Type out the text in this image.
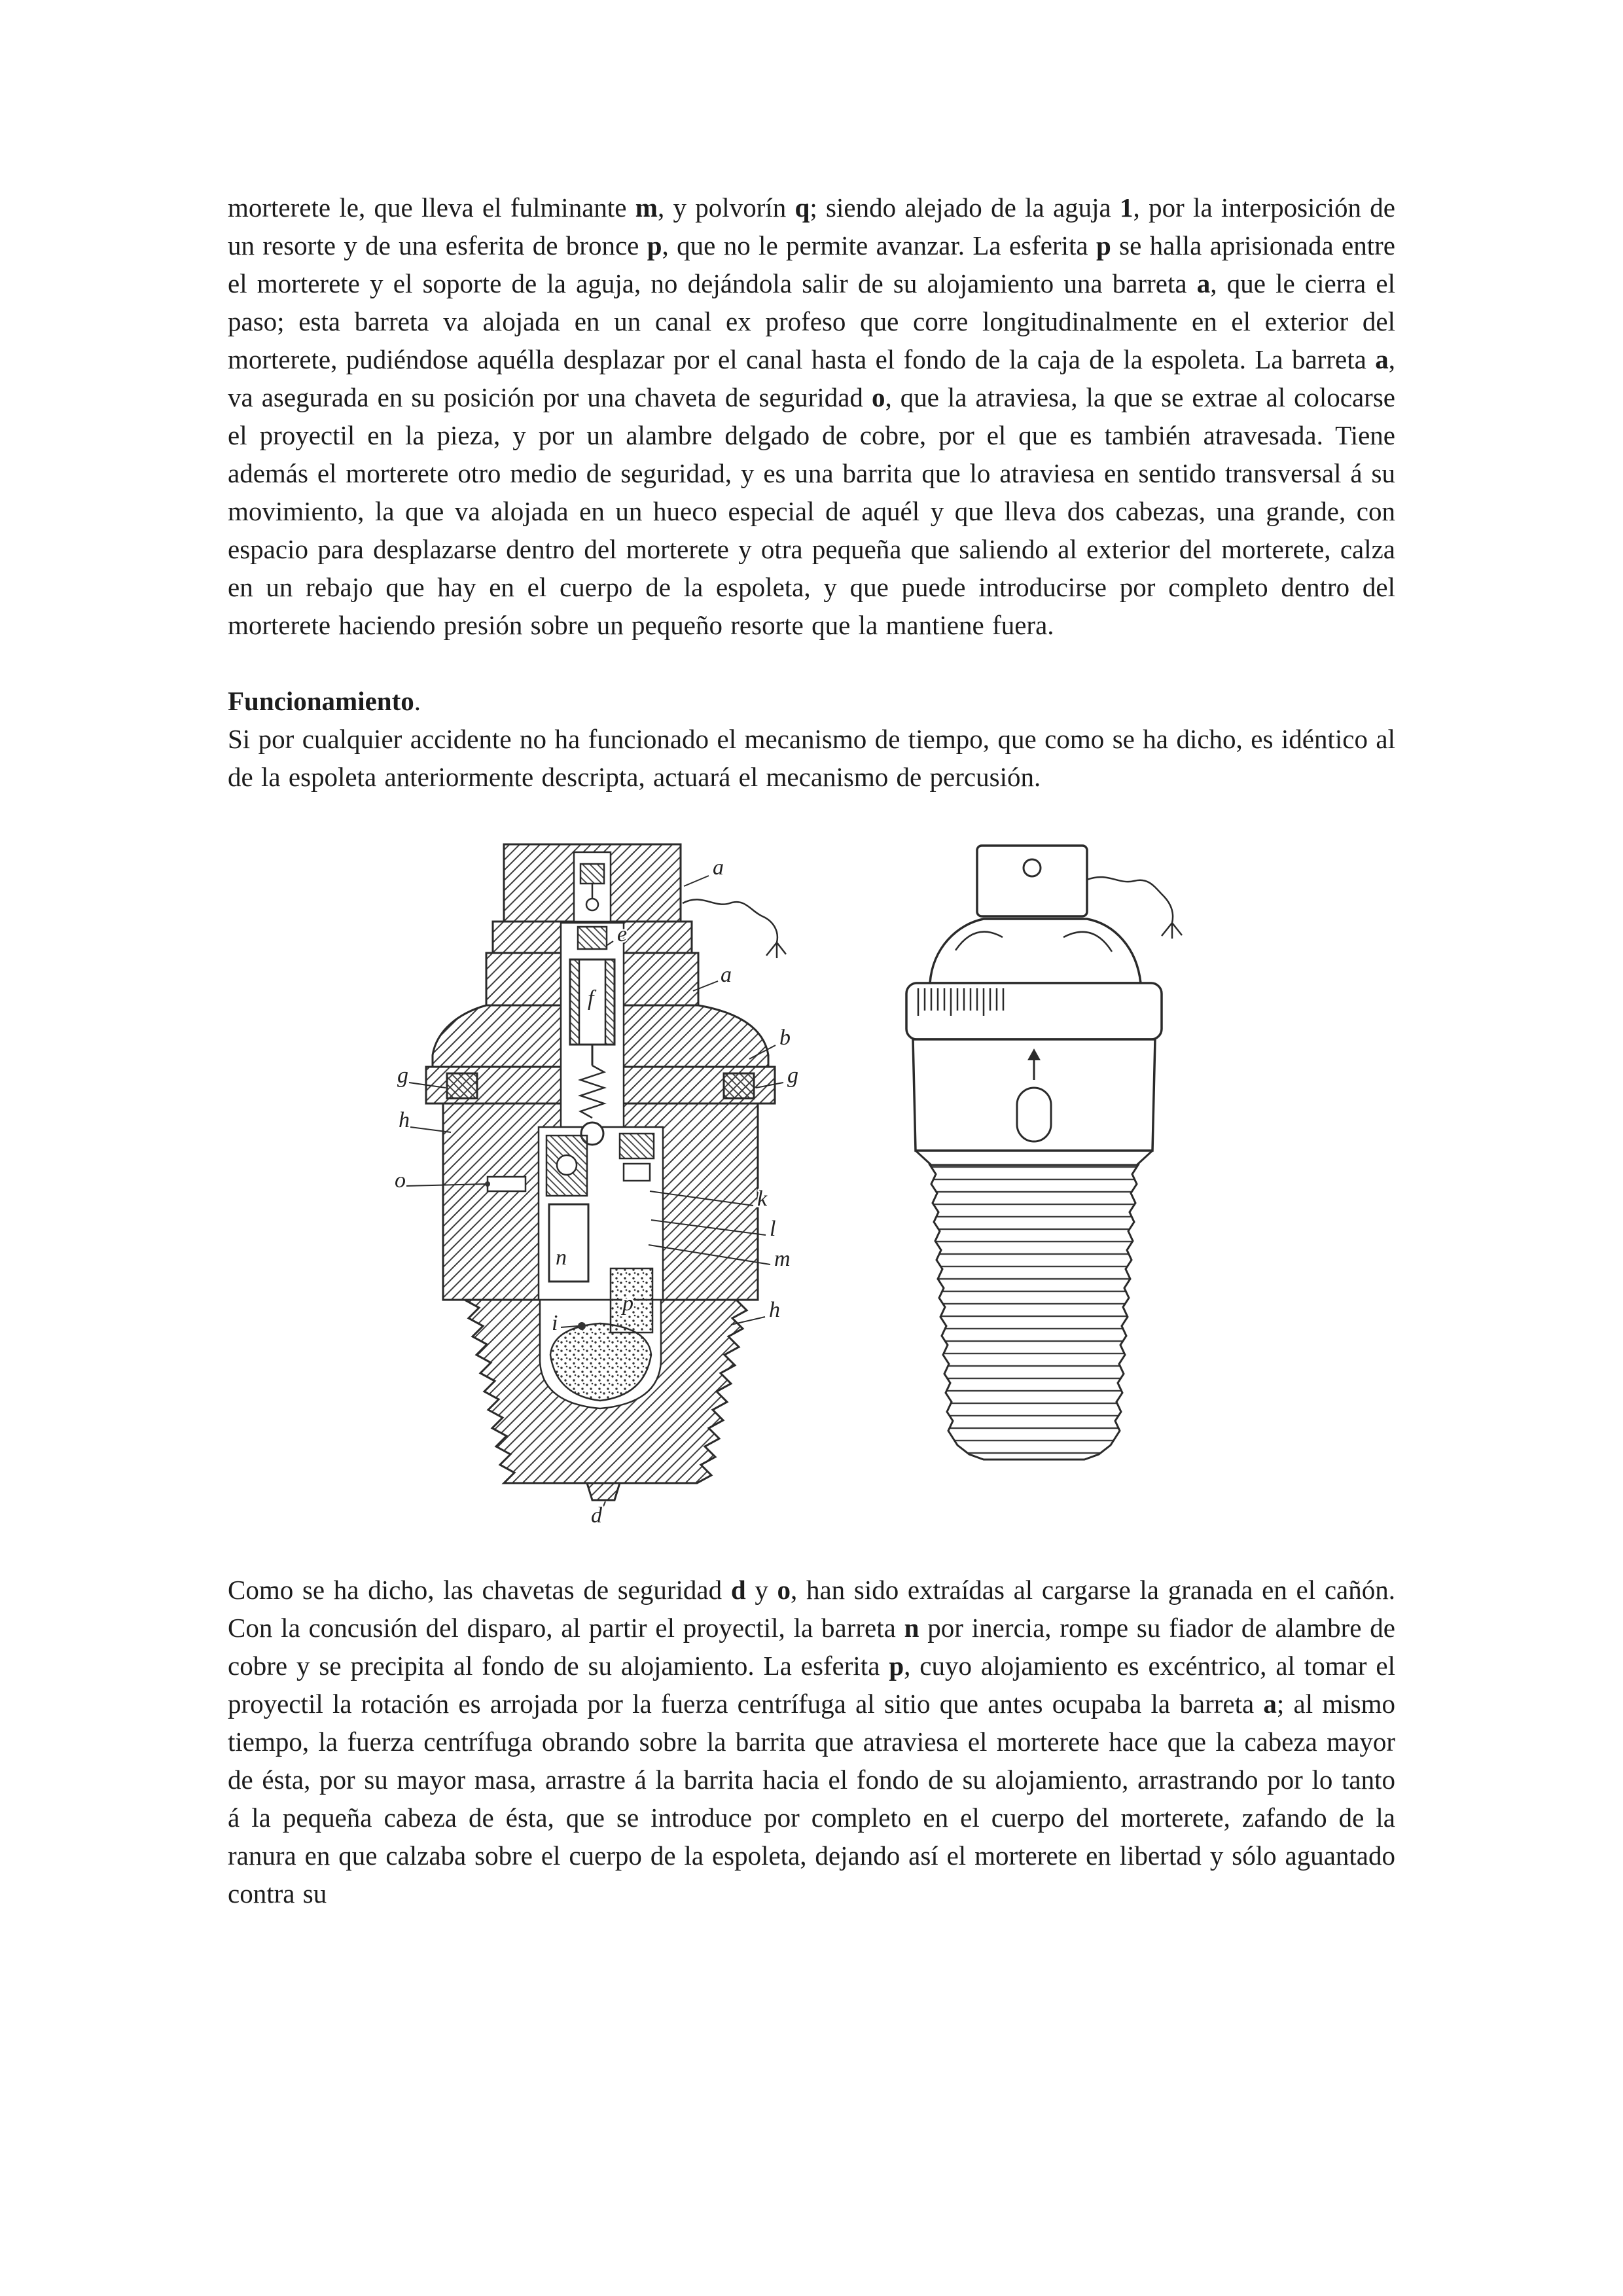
morterete le, que lleva el fulminante m, y polvorín q; siendo alejado de la aguja 1, por la interposición de un resorte y de una esferita de bronce p, que no le permite avanzar. La esferita p se halla aprisionada entre el morterete y el soporte de la aguja, no dejándola salir de su alojamiento una barreta a, que le cierra el paso; esta barreta va alojada en un canal ex profeso que corre longitudinalmente en el exterior del morterete, pudiéndose aquélla desplazar por el canal hasta el fondo de la caja de la espoleta. La barreta a, va asegurada en su posición por una chaveta de seguridad o, que la atraviesa, la que se extrae al colocarse el proyectil en la pieza, y por un alambre delgado de cobre, por el que es también atravesada. Tiene además el morterete otro medio de seguridad, y es una barrita que lo atraviesa en sentido transversal á su movimiento, la que va alojada en un hueco especial de aquél y que lleva dos cabezas, una grande, con espacio para desplazarse dentro del morterete y otra pequeña que saliendo al exterior del morterete, calza en un rebajo que hay en el cuerpo de la espoleta, y que puede introducirse por completo dentro del morterete haciendo presión sobre un pequeño resorte que la mantiene fuera.

Funcionamiento.

Si por cualquier accidente no ha funcionado el mecanismo de tiempo, que como se ha dicho, es idéntico al de la espoleta anteriormente descripta, actuará el mecanismo de percusión.

a
a
b
e
f
g	g
h
o
k
l
m
n
i
p	h
d

Como se ha dicho, las chavetas de seguridad d y o, han sido extraídas al cargarse la granada en el cañón. Con la concusión del disparo, al partir el proyectil, la barreta n por inercia, rompe su fiador de alambre de cobre y se precipita al fondo de su alojamiento. La esferita p, cuyo alojamiento es excéntrico, al tomar el proyectil la rotación es arrojada por la fuerza centrífuga al sitio que antes ocupaba la barreta a; al mismo tiempo, la fuerza centrífuga obrando sobre la barrita que atraviesa el morterete hace que la cabeza mayor de ésta, por su mayor masa, arrastre á la barrita hacia el fondo de su alojamiento, arrastrando por lo tanto á la pequeña cabeza de ésta, que se introduce por completo en el cuerpo del morterete, zafando de la ranura en que calzaba sobre el cuerpo de la espoleta, dejando así el morterete en libertad y sólo aguantado contra su
